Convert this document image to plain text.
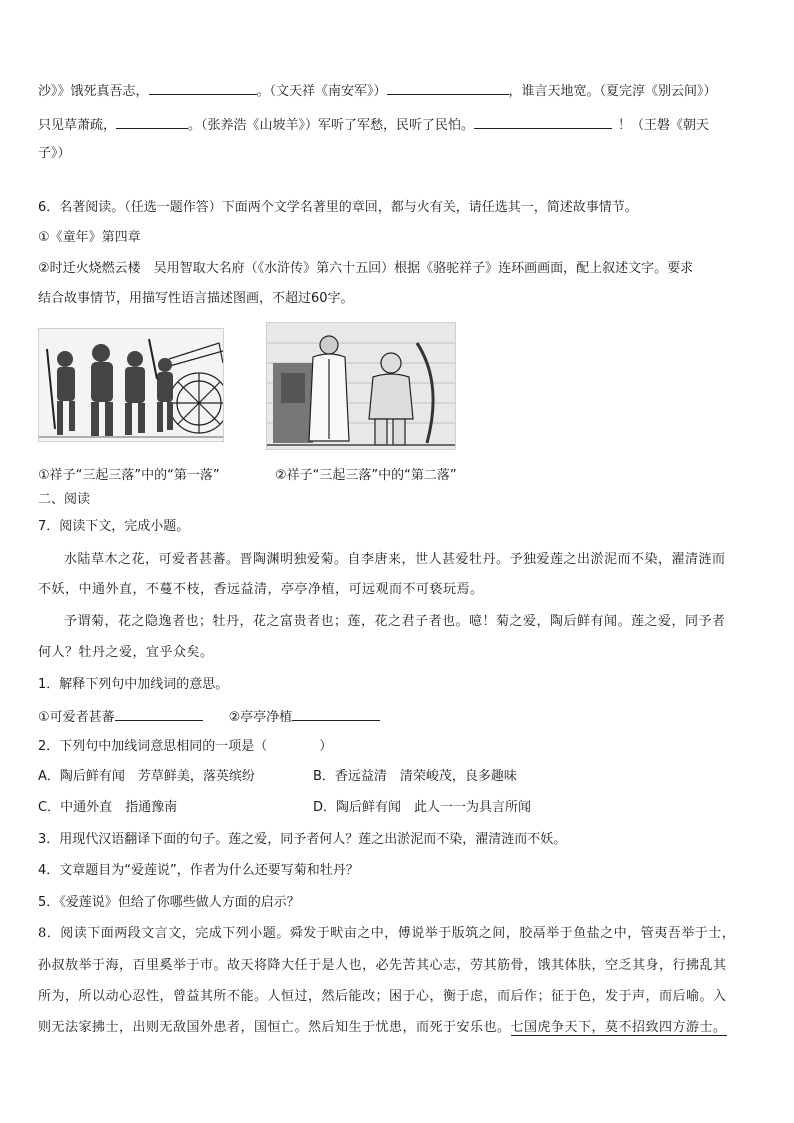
沙》》饿死真吾志，	。（文天祥《南安军》）	，谁言天地宽。（夏完淳《别云间》）
只见草萧疏，	。（张养浩《山坡羊》）军听了军愁，民听了民怕。	！（王磐《朝天
子》）
6．名著阅读。（任选一题作答）下面两个文学名著里的章回，都与火有关，请任选其一，简述故事情节。
①《童年》第四章
②时迁火烧燃云楼　吴用智取大名府（《水浒传》第六十五回）根据《骆驼祥子》连环画画面，配上叙述文字。要求
结合故事情节，用描写性语言描述图画，不超过60字。
①祥子“三起三落”中的“第一落”	②祥子“三起三落”中的“第二落”
二、阅读
7．阅读下文，完成小题。
水陆草木之花，可爱者甚蕃。晋陶渊明独爱菊。自李唐来，世人甚爱牡丹。予独爱莲之出淤泥而不染，濯清涟而
不妖，中通外直，不蔓不枝，香远益清，亭亭净植，可远观而不可亵玩焉。
予谓菊，花之隐逸者也；牡丹，花之富贵者也；莲，花之君子者也。噫！菊之爱，陶后鲜有闻。莲之爱，同予者
何人？牡丹之爱，宜乎众矣。
1．解释下列句中加线词的意思。
①可爱者甚蕃	②亭亭净植
2．下列句中加线词意思相同的一项是（　　　　）
A．陶后鲜有闻　芳草鲜美，落英缤纷	B．香远益清　清荣峻茂，良多趣味
C．中通外直　指通豫南	D．陶后鲜有闻　此人一一为具言所闻
3．用现代汉语翻译下面的句子。莲之爱，同予者何人？莲之出淤泥而不染，濯清涟而不妖。
4．文章题目为“爱莲说”，作者为什么还要写菊和牡丹？
5．《爱莲说》但给了你哪些做人方面的启示？
8．阅读下面两段文言文，完成下列小题。舜发于畎亩之中，傅说举于版筑之间，胶鬲举于鱼盐之中，管夷吾举于士，
孙叔敖举于海，百里奚举于市。故天将降大任于是人也，必先苦其心志，劳其筋骨，饿其体肤，空乏其身，行拂乱其
所为，所以动心忍性，曾益其所不能。人恒过，然后能改；困于心，衡于虑，而后作；征于色，发于声，而后喻。入
则无法家拂士，出则无敌国外患者，国恒亡。然后知生于忧患，而死于安乐也。七国虎争天下，莫不招致四方游士。
